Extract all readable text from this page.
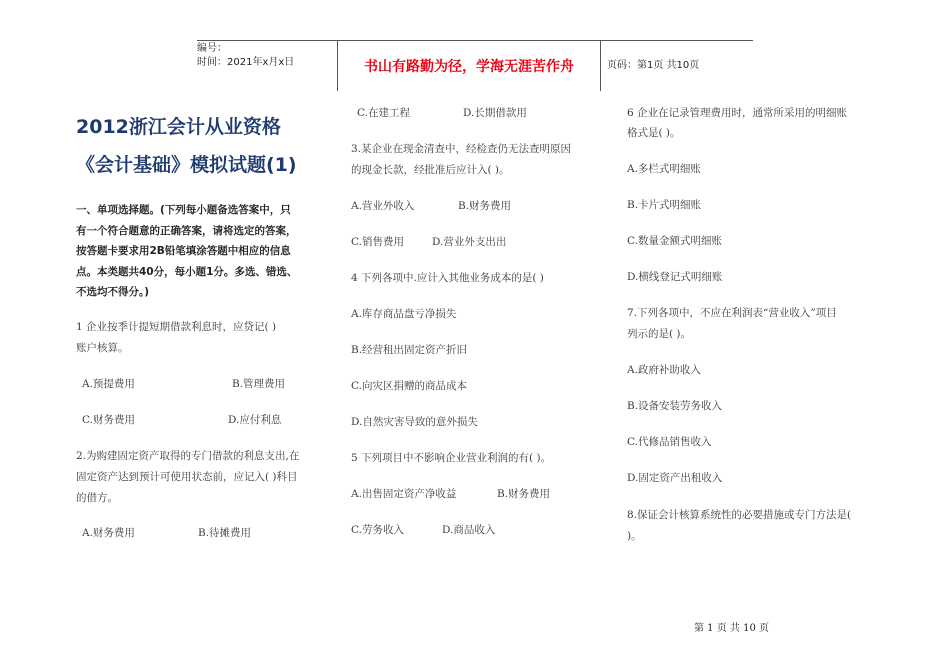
编号：
时间：2021年x月x日	书山有路勤为径，学海无涯苦作舟	页码：第1页 共10页
2012浙江会计从业资格
《会计基础》模拟试题(1)
一、单项选择题。(下列每小题备选答案中，只
有一个符合题意的正确答案，请将选定的答案，
按答题卡要求用2B铅笔填涂答题中相应的信息
点。本类题共40分，每小题1分。多选、错选、
不选均不得分。)
1 企业按季计提短期借款利息时，应贷记( )
账户核算。
A.预提费用	B.管理费用
C.财务费用	D.应付利息
2.为购建固定资产取得的专门借款的利息支出,在
固定资产达到预计可使用状态前，应记入( )科目
的借方。
A.财务费用	B.待摊费用
C.在建工程	D.长期借款用
3.某企业在现金清查中，经检查仍无法查明原因
的现金长款，经批准后应计入( )。
A.营业外收入	B.财务费用
C.销售费用	D.营业外支出出
4 下列各项中.应计入其他业务成本的是( )
A.库存商品盘亏净损失
B.经营租出固定资产折旧
C.向灾区捐赠的商品成本
D.自然灾害导致的意外损失
5 下列项目中不影响企业营业利润的有( )。
A.出售固定资产净收益	B.财务费用
C.劳务收入	D.商品收入
6 企业在记录管理费用时，通常所采用的明细账
格式是( )。
A.多栏式明细账
B.卡片式明细账
C.数量金额式明细账
D.横线登记式明细账
7.下列各项中，不应在利润表“营业收入”项目
列示的是( )。
A.政府补助收入
B.设备安装劳务收入
C.代修品销售收入
D.固定资产出租收入
8.保证会计核算系统性的必要措施或专门方法是(
)。
第 1 页 共 10 页
